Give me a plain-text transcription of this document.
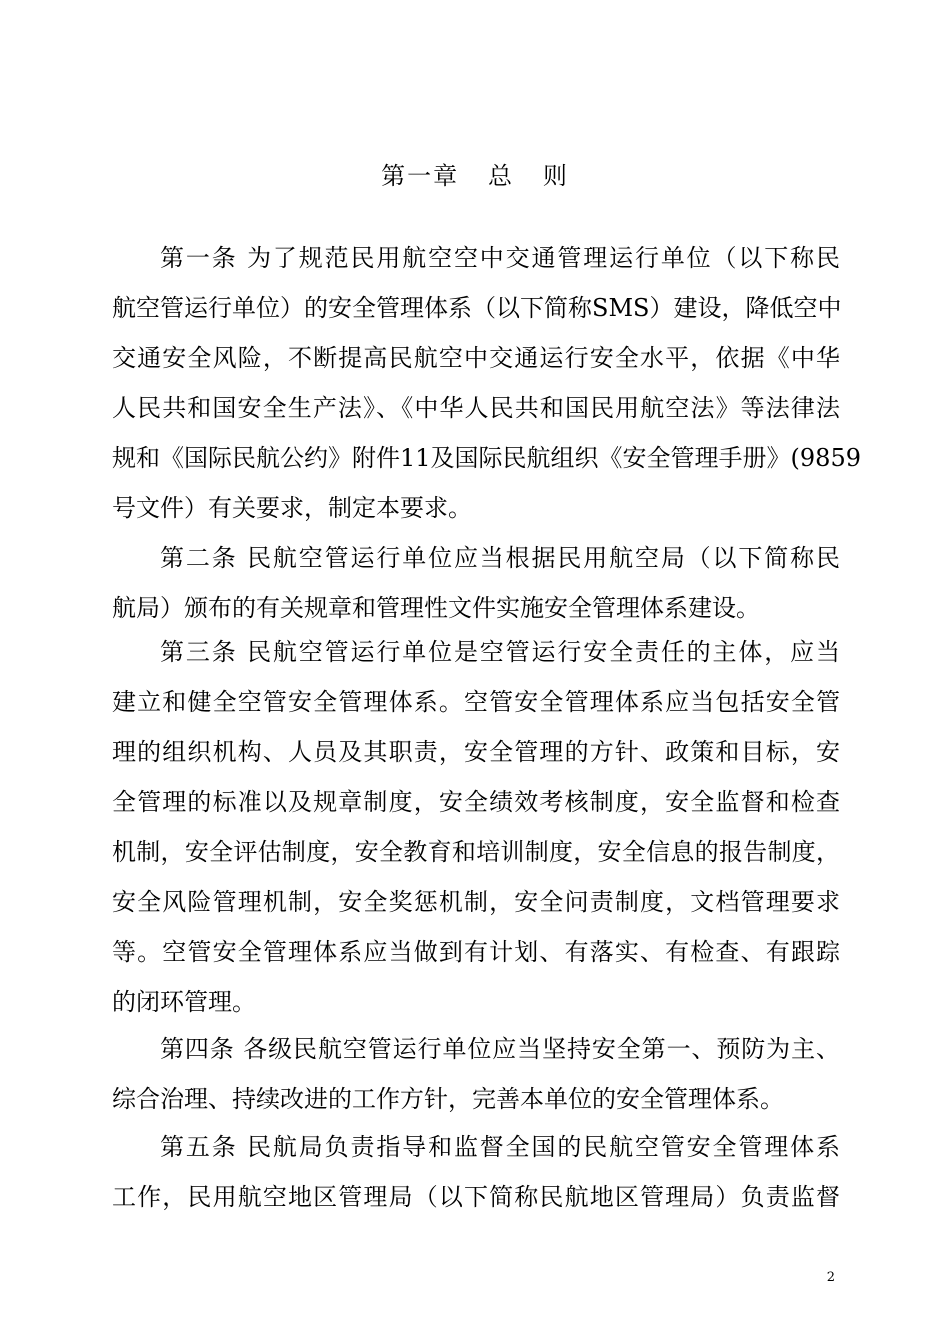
第一章   总   则

第一条 为了规范民用航空空中交通管理运行单位（以下称民
航空管运行单位）的安全管理体系（以下简称SMS）建设，降低空中
交通安全风险，不断提高民航空中交通运行安全水平，依据《中华
人民共和国安全生产法》、《中华人民共和国民用航空法》等法律法
规和《国际民航公约》附件11及国际民航组织《安全管理手册》(9859
号文件）有关要求，制定本要求。

第二条 民航空管运行单位应当根据民用航空局（以下简称民
航局）颁布的有关规章和管理性文件实施安全管理体系建设。

第三条 民航空管运行单位是空管运行安全责任的主体，应当
建立和健全空管安全管理体系。空管安全管理体系应当包括安全管
理的组织机构、人员及其职责，安全管理的方针、政策和目标，安
全管理的标准以及规章制度，安全绩效考核制度，安全监督和检查
机制，安全评估制度，安全教育和培训制度，安全信息的报告制度，
安全风险管理机制，安全奖惩机制，安全问责制度，文档管理要求
等。空管安全管理体系应当做到有计划、有落实、有检查、有跟踪
的闭环管理。

第四条 各级民航空管运行单位应当坚持安全第一、预防为主、
综合治理、持续改进的工作方针，完善本单位的安全管理体系。

第五条 民航局负责指导和监督全国的民航空管安全管理体系
工作，民用航空地区管理局（以下简称民航地区管理局）负责监督

2
